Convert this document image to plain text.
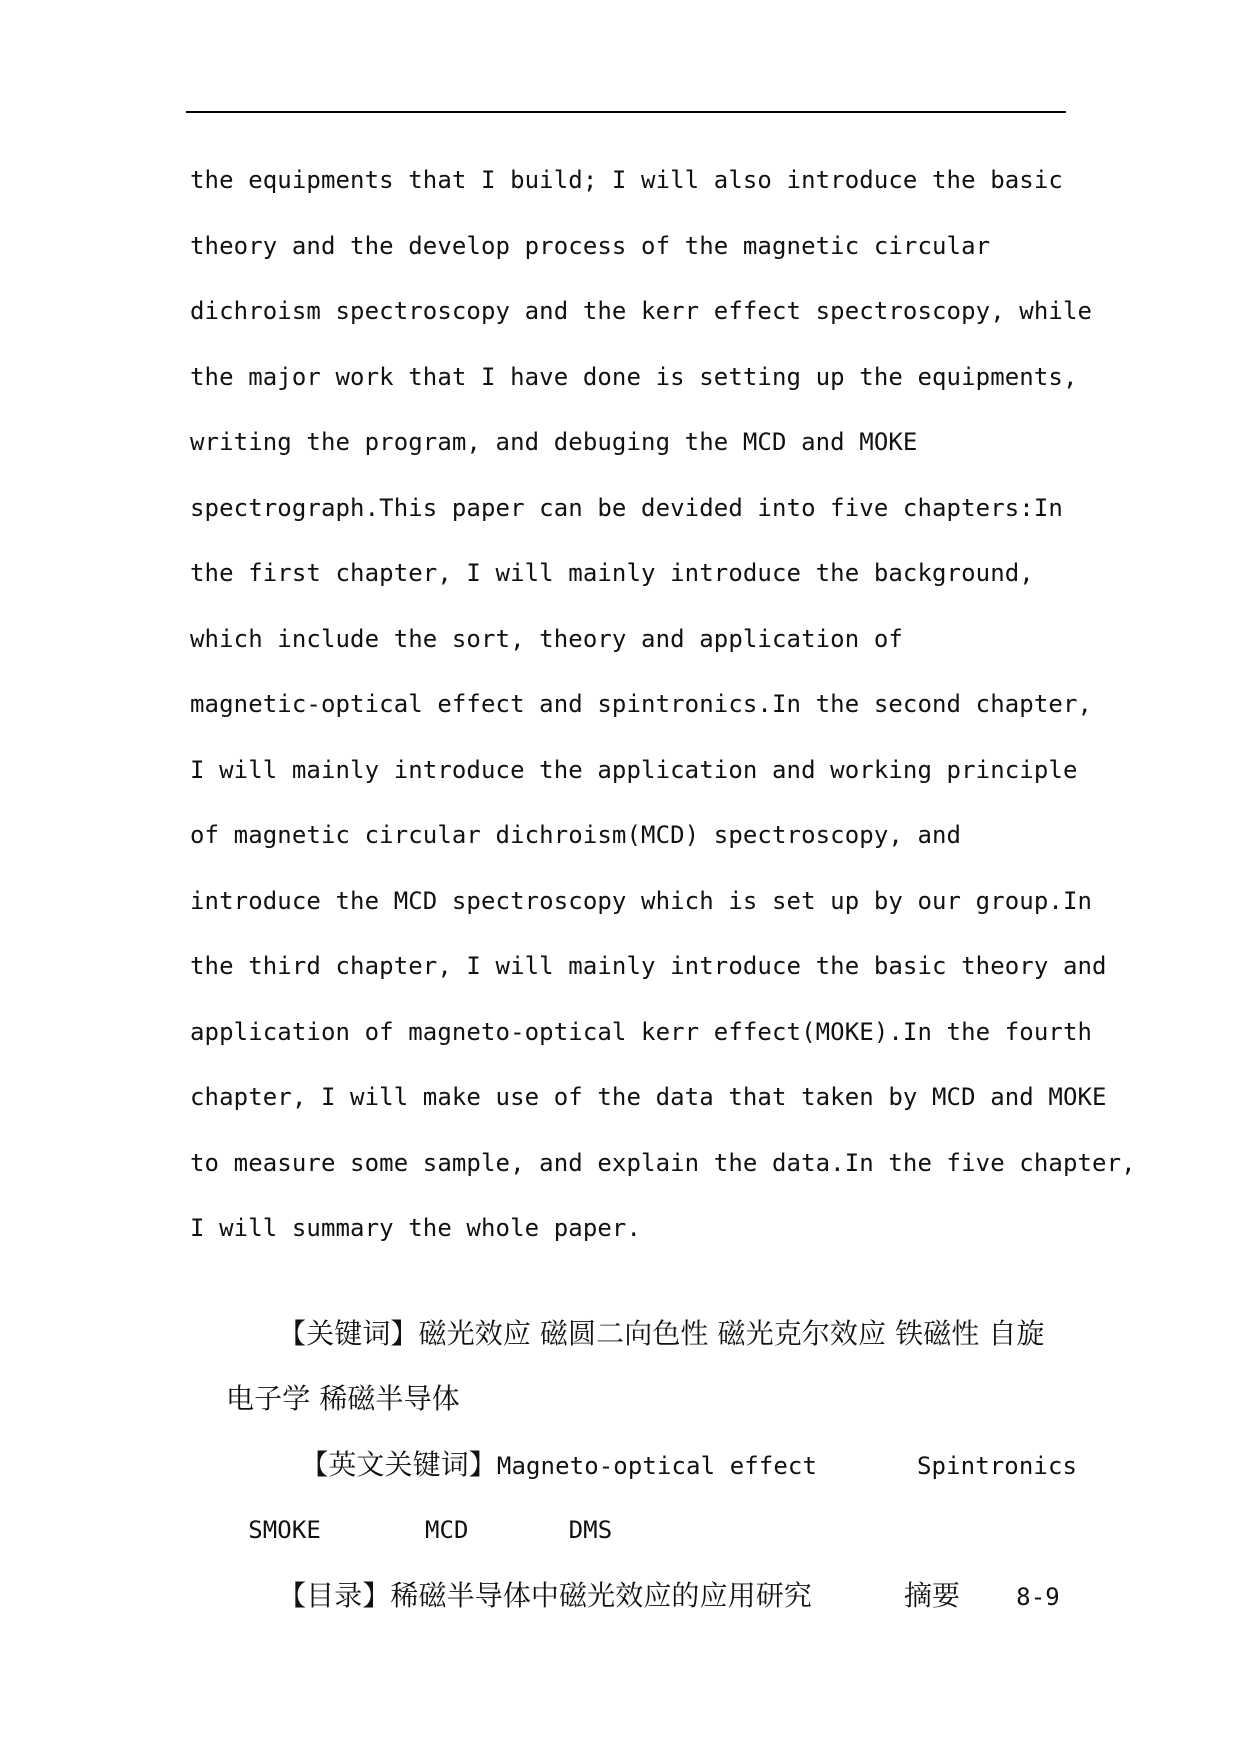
the equipments that I build; I will also introduce the basic
theory and the develop process of the magnetic circular
dichroism spectroscopy and the kerr effect spectroscopy, while
the major work that I have done is setting up the equipments,
writing the program, and debuging the MCD and MOKE
spectrograph.This paper can be devided into five chapters:In
the first chapter, I will mainly introduce the background,
which include the sort, theory and application of
magnetic-optical effect and spintronics.In the second chapter,
I will mainly introduce the application and working principle
of magnetic circular dichroism(MCD) spectroscopy, and
introduce the MCD spectroscopy which is set up by our group.In
the third chapter, I will mainly introduce the basic theory and
application of magneto-optical kerr effect(MOKE).In the fourth
chapter, I will make use of the data that taken by MCD and MOKE
to measure some sample, and explain the data.In the five chapter,
I will summary the whole paper.

【关键词】磁光效应 磁圆二向色性 磁光克尔效应 铁磁性 自旋

电子学 稀磁半导体

【英文关键词】Magneto-optical effect	Spintronics

SMOKE	MCD	DMS

【目录】稀磁半导体中磁光效应的应用研究	摘要 8-9
